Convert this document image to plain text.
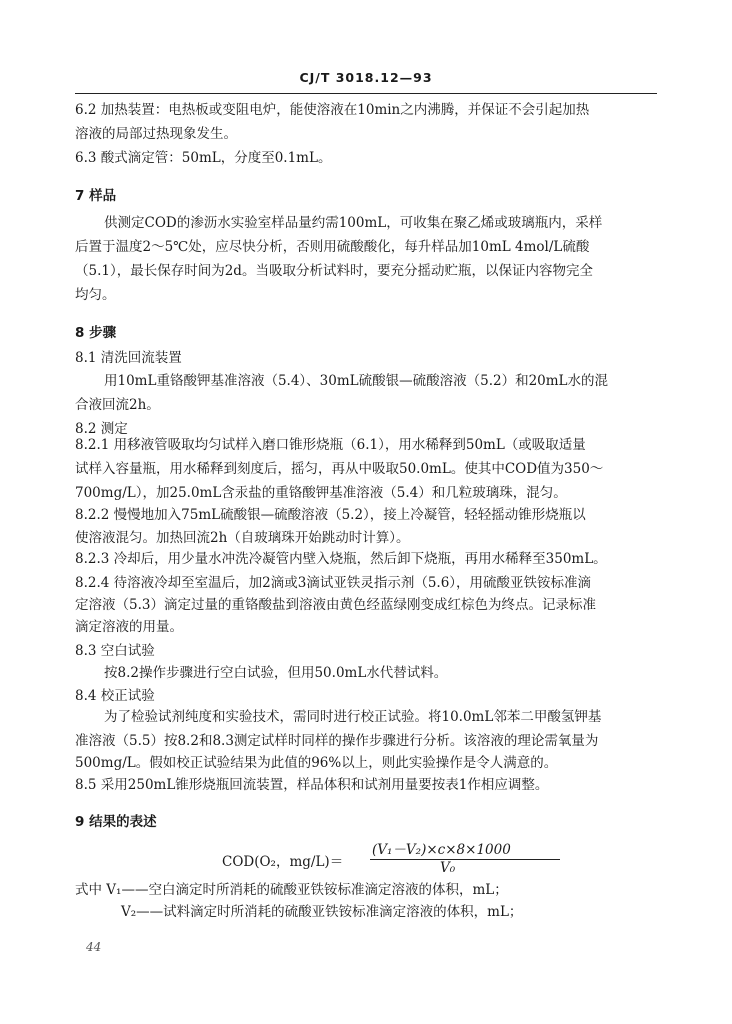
CJ/T 3018.12—93
6.2 加热装置：电热板或变阻电炉，能使溶液在10min之内沸腾，并保证不会引起加热
溶液的局部过热现象发生。
6.3 酸式滴定管：50mL，分度至0.1mL。
7 样品
供测定COD的渗沥水实验室样品量约需100mL，可收集在聚乙烯或玻璃瓶内，采样
后置于温度2～5℃处，应尽快分析，否则用硫酸酸化，每升样品加10mL 4mol/L硫酸
（5.1），最长保存时间为2d。当吸取分析试料时，要充分摇动贮瓶，以保证内容物完全
均匀。
8 步骤
8.1 清洗回流装置
用10mL重铬酸钾基准溶液（5.4）、30mL硫酸银—硫酸溶液（5.2）和20mL水的混
合液回流2h。
8.2 测定
8.2.1 用移液管吸取均匀试样入磨口锥形烧瓶（6.1），用水稀释到50mL（或吸取适量
试样入容量瓶，用水稀释到刻度后，摇匀，再从中吸取50.0mL。使其中COD值为350～
700mg/L），加25.0mL含汞盐的重铬酸钾基准溶液（5.4）和几粒玻璃珠，混匀。
8.2.2 慢慢地加入75mL硫酸银—硫酸溶液（5.2），接上冷凝管，轻轻摇动锥形烧瓶以
使溶液混匀。加热回流2h（自玻璃珠开始跳动时计算）。
8.2.3 冷却后，用少量水冲洗冷凝管内壁入烧瓶，然后卸下烧瓶，再用水稀释至350mL。
8.2.4 待溶液冷却至室温后，加2滴或3滴试亚铁灵指示剂（5.6），用硫酸亚铁铵标准滴
定溶液（5.3）滴定过量的重铬酸盐到溶液由黄色经蓝绿刚变成红棕色为终点。记录标准
滴定溶液的用量。
8.3 空白试验
按8.2操作步骤进行空白试验，但用50.0mL水代替试料。
8.4 校正试验
为了检验试剂纯度和实验技术，需同时进行校正试验。将10.0mL邻苯二甲酸氢钾基
准溶液（5.5）按8.2和8.3测定试样时同样的操作步骤进行分析。该溶液的理论需氧量为
500mg/L。假如校正试验结果为此值的96%以上，则此实验操作是令人满意的。
8.5 采用250mL锥形烧瓶回流装置，样品体积和试剂用量要按表1作相应调整。
9 结果的表述
COD(O₂，mg/L)＝
(V₁－V₂)×c×8×1000
V₀
式中 V₁——空白滴定时所消耗的硫酸亚铁铵标准滴定溶液的体积，mL；
V₂——试料滴定时所消耗的硫酸亚铁铵标准滴定溶液的体积，mL；
44
